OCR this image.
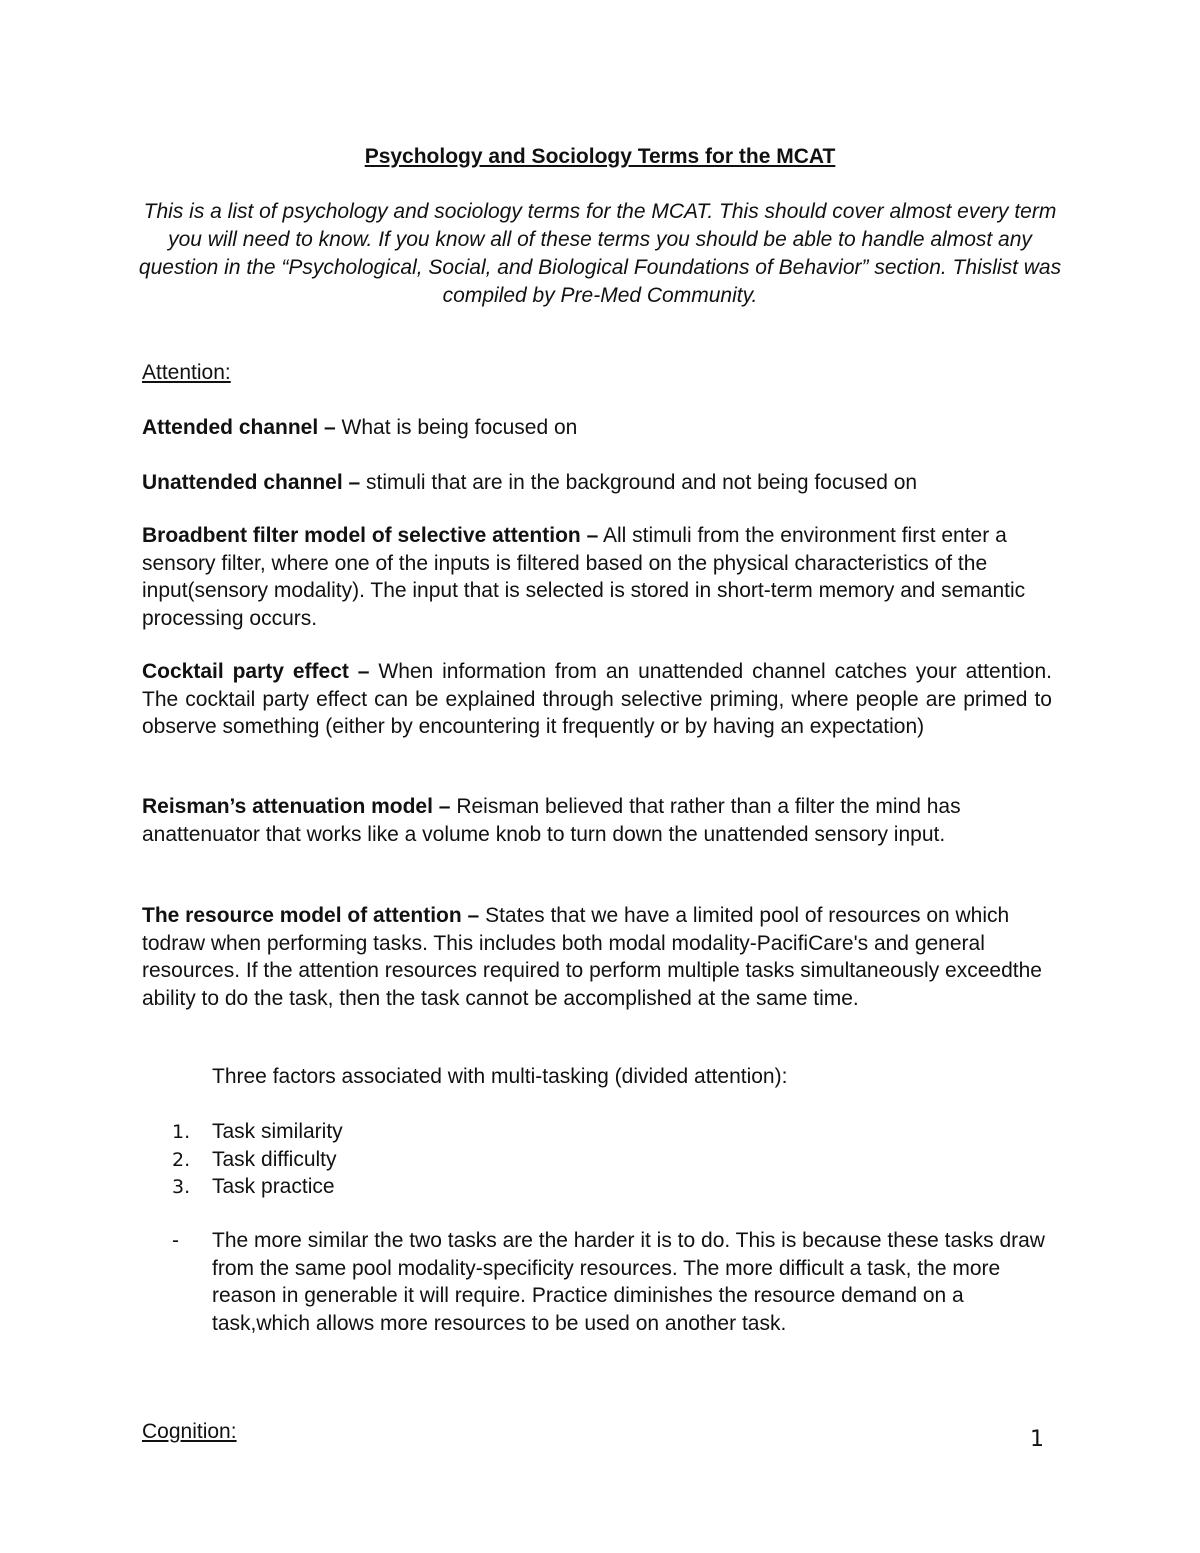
Psychology and Sociology Terms for the MCAT
This is a list of psychology and sociology terms for the MCAT. This should cover almost every term you will need to know. If you know all of these terms you should be able to handle almost any question in the “Psychological, Social, and Biological Foundations of Behavior” section. Thislist was compiled by Pre-Med Community.
Attention:
Attended channel – What is being focused on
Unattended channel – stimuli that are in the background and not being focused on
Broadbent filter model of selective attention – All stimuli from the environment first enter a sensory filter, where one of the inputs is filtered based on the physical characteristics of the input(sensory modality). The input that is selected is stored in short-term memory and semantic processing occurs.
Cocktail party effect – When information from an unattended channel catches your attention. The cocktail party effect can be explained through selective priming, where people are primed to observe something (either by encountering it frequently or by having an expectation)
Reisman’s attenuation model – Reisman believed that rather than a filter the mind has anattenuator that works like a volume knob to turn down the unattended sensory input.
The resource model of attention – States that we have a limited pool of resources on which todraw when performing tasks. This includes both modal modality-PacifiCare's and general resources. If the attention resources required to perform multiple tasks simultaneously exceedthe ability to do the task, then the task cannot be accomplished at the same time.
Three factors associated with multi-tasking (divided attention):
1. Task similarity
2. Task difficulty
3. Task practice
- The more similar the two tasks are the harder it is to do. This is because these tasks draw from the same pool modality-specificity resources. The more difficult a task, the more reason in generable it will require. Practice diminishes the resource demand on a task,which allows more resources to be used on another task.
Cognition:	1
